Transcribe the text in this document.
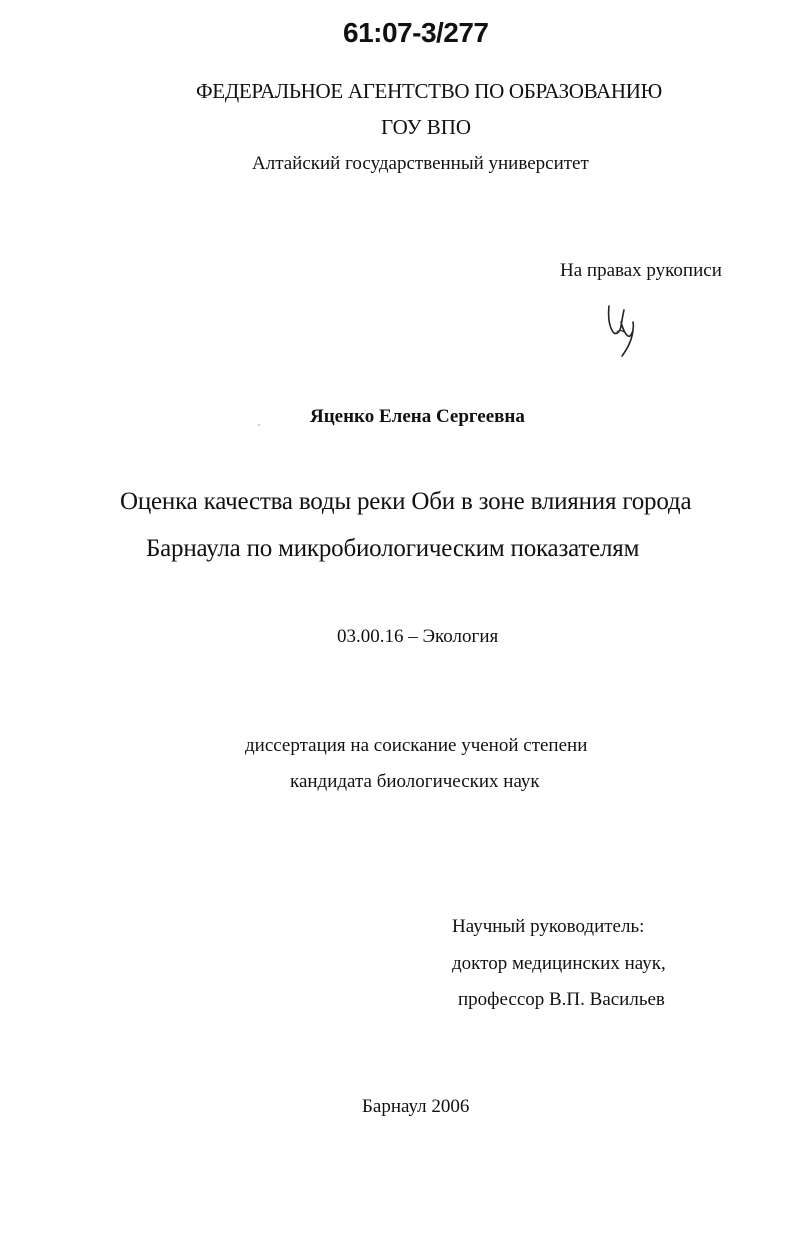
61:07-3/277
ФЕДЕРАЛЬНОЕ АГЕНТСТВО ПО ОБРАЗОВАНИЮ
ГОУ ВПО
Алтайский государственный университет
На правах рукописи
Яценко Елена Сергеевна
Оценка качества воды реки Оби в зоне влияния города
Барнаула по микробиологическим показателям
03.00.16 – Экология
диссертация на соискание ученой степени
кандидата биологических наук
Научный руководитель:
доктор медицинских наук,
профессор В.П. Васильев
Барнаул 2006
